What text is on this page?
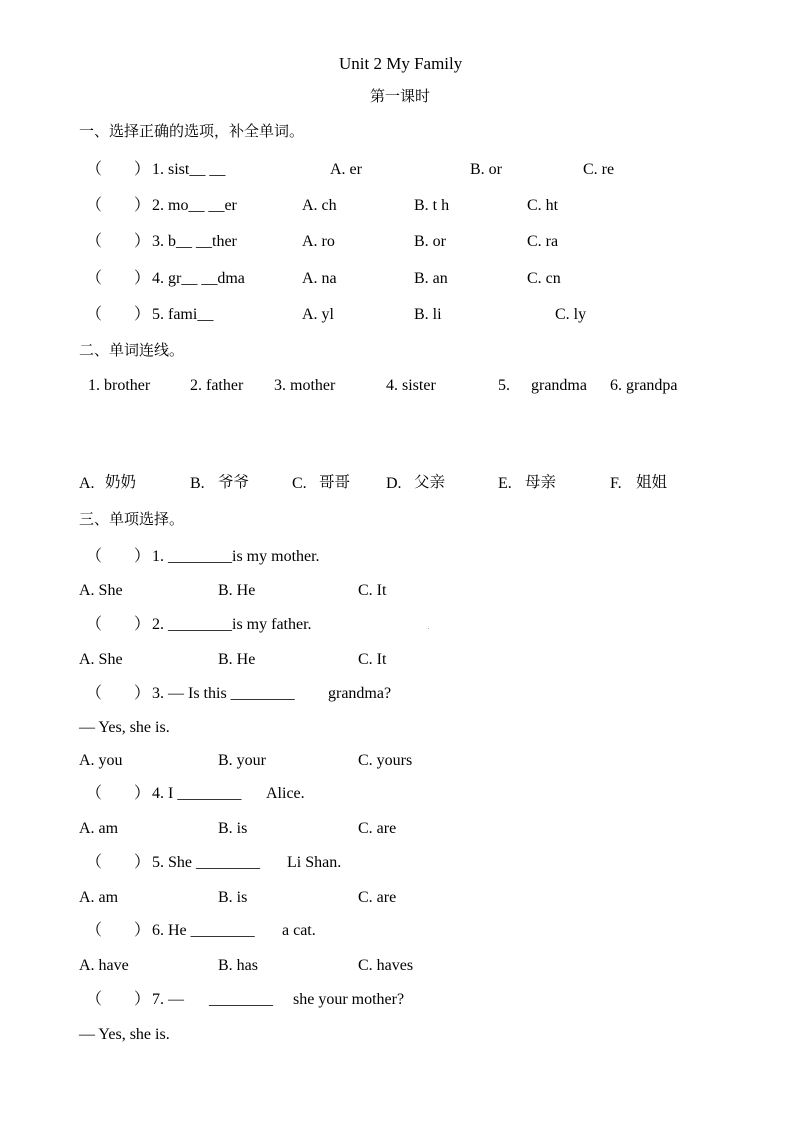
Unit 2 My Family
第一课时
一、选择正确的选项，补全单词。
（　　） 1. sist__ __	A. er	B. or	C. re
（　　） 2. mo__ __er	A. ch	B. t h	C. ht
（　　） 3. b__ __ther	A. ro	B. or	C. ra
（　　） 4. gr__ __dma	A. na	B. an	C. cn
（　　） 5. fami__	A. yl	B. li	C. ly
二、单词连线。
1. brother 2. father 3. mother	4. sister	5. grandma 6. grandpa
A. 奶奶	B. 爷爷	C. 哥哥 D. 父亲	E. 母亲	F. 姐姐
三、单项选择。
（　　） 1. ________is my mother.
A. She	B. He	C. It
（　　） 2. ________is my father.
A. She	B. He	C. It
（　　） 3. — Is this ________ grandma?
— Yes, she is.
A. you	B. your	C. yours
（　　） 4. I ________ Alice.
A. am	B. is	C. are
（　　） 5. She ________ Li Shan.
A. am	B. is	C. are
（　　） 6. He ________ a cat.
A. have	B. has	C. haves
（　　） 7. — ________ she your mother?
— Yes, she is.
